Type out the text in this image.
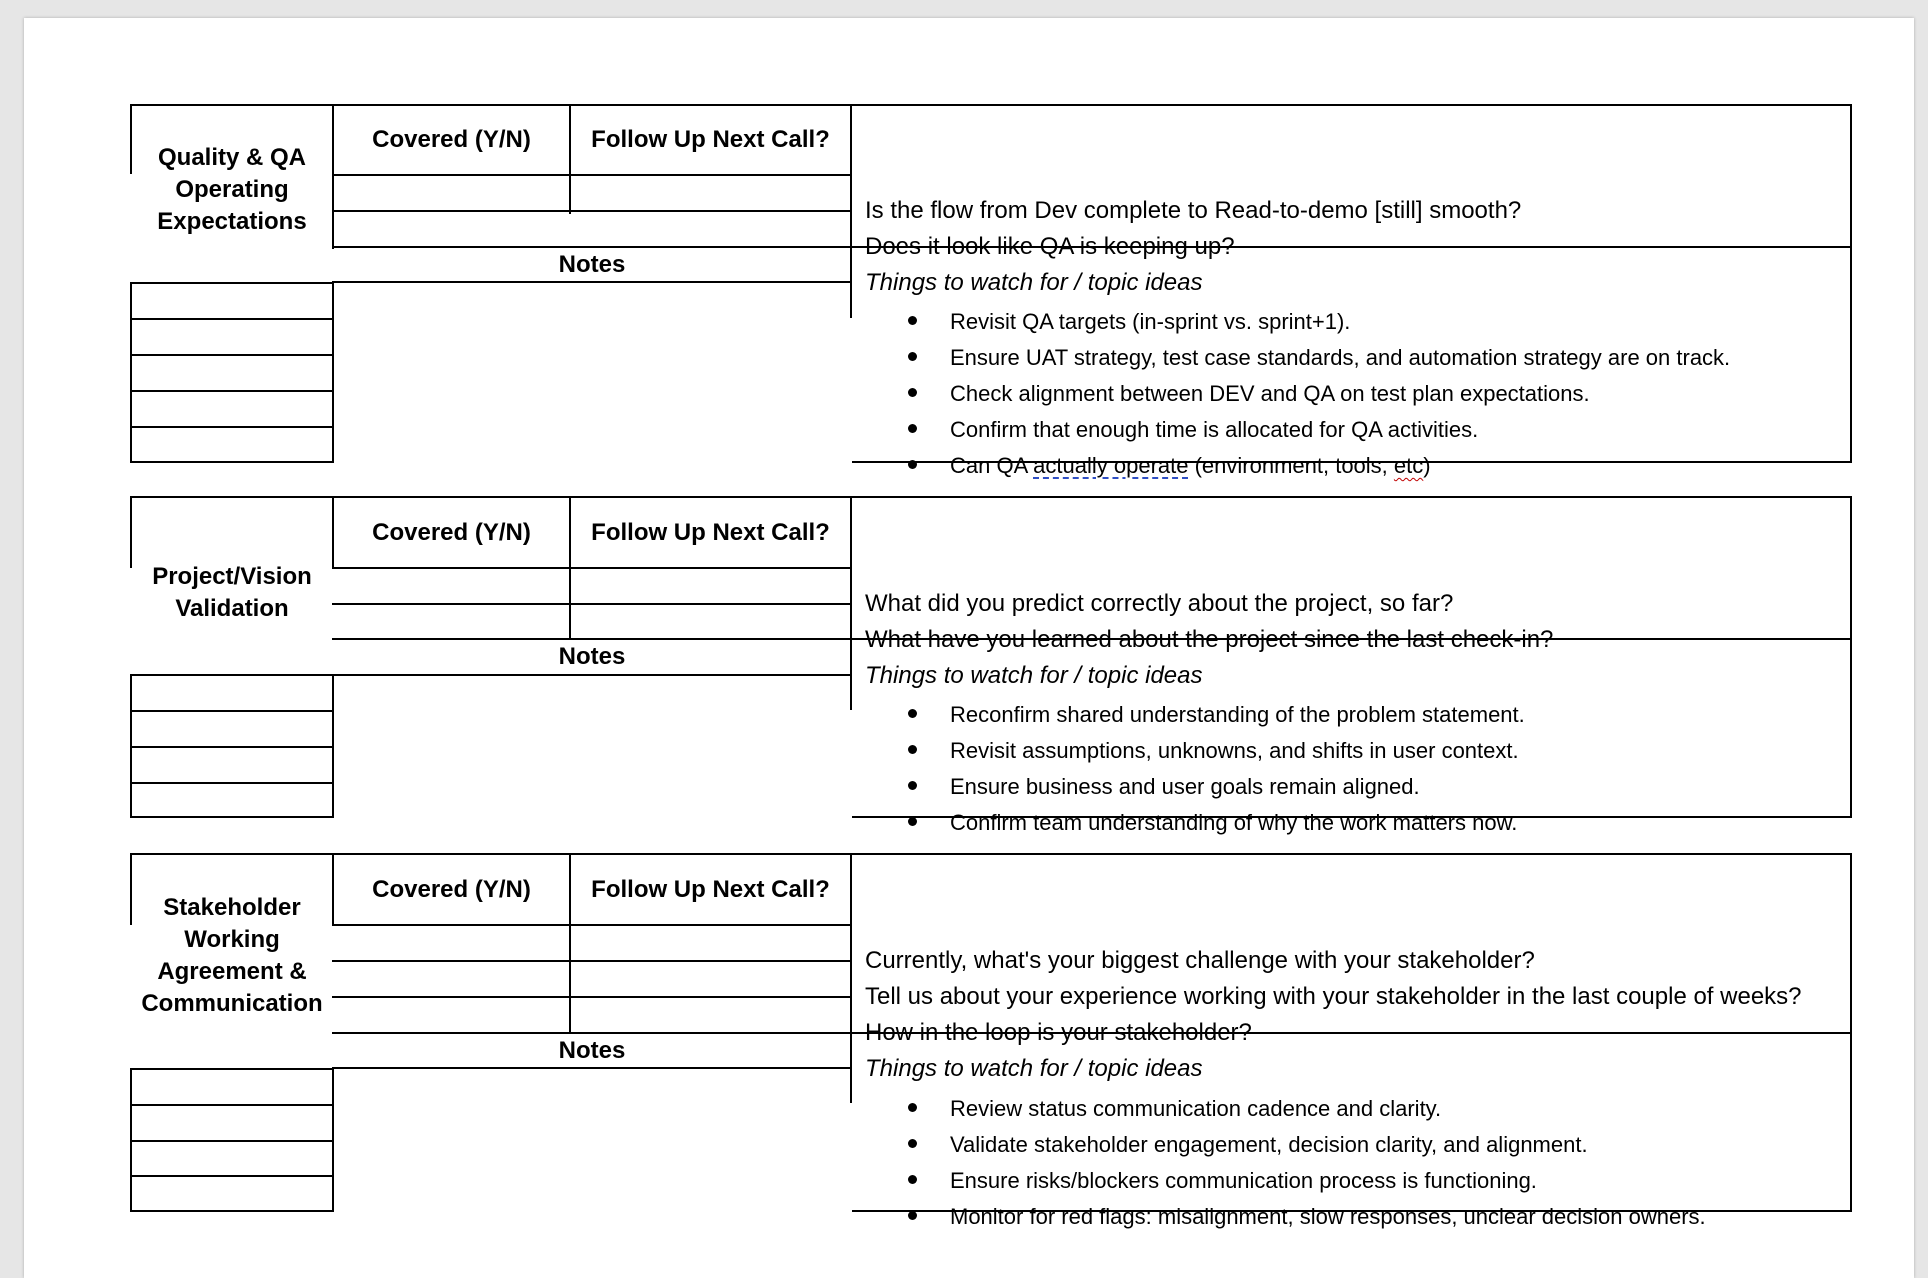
Quality & QA
Operating
Expectations
Covered (Y/N)	Follow Up Next Call?
Notes
Is the flow from Dev complete to Read-to-demo [still] smooth?
Does it look like QA is keeping up?
Things to watch for / topic ideas
Revisit QA targets (in-sprint vs. sprint+1).
Ensure UAT strategy, test case standards, and automation strategy are on track.
Check alignment between DEV and QA on test plan expectations.
Confirm that enough time is allocated for QA activities.
Can QA actually operate (environment, tools, etc)
Project/Vision
Validation
Covered (Y/N)	Follow Up Next Call?
Notes
What did you predict correctly about the project, so far?
What have you learned about the project since the last check-in?
Things to watch for / topic ideas
Reconfirm shared understanding of the problem statement.
Revisit assumptions, unknowns, and shifts in user context.
Ensure business and user goals remain aligned.
Confirm team understanding of why the work matters now.
Stakeholder
Working
Agreement &
Communication
Covered (Y/N)	Follow Up Next Call?
Notes
Currently, what's your biggest challenge with your stakeholder?
Tell us about your experience working with your stakeholder in the last couple of weeks?
How in the loop is your stakeholder?
Things to watch for / topic ideas
Review status communication cadence and clarity.
Validate stakeholder engagement, decision clarity, and alignment.
Ensure risks/blockers communication process is functioning.
Monitor for red flags: misalignment, slow responses, unclear decision owners.
